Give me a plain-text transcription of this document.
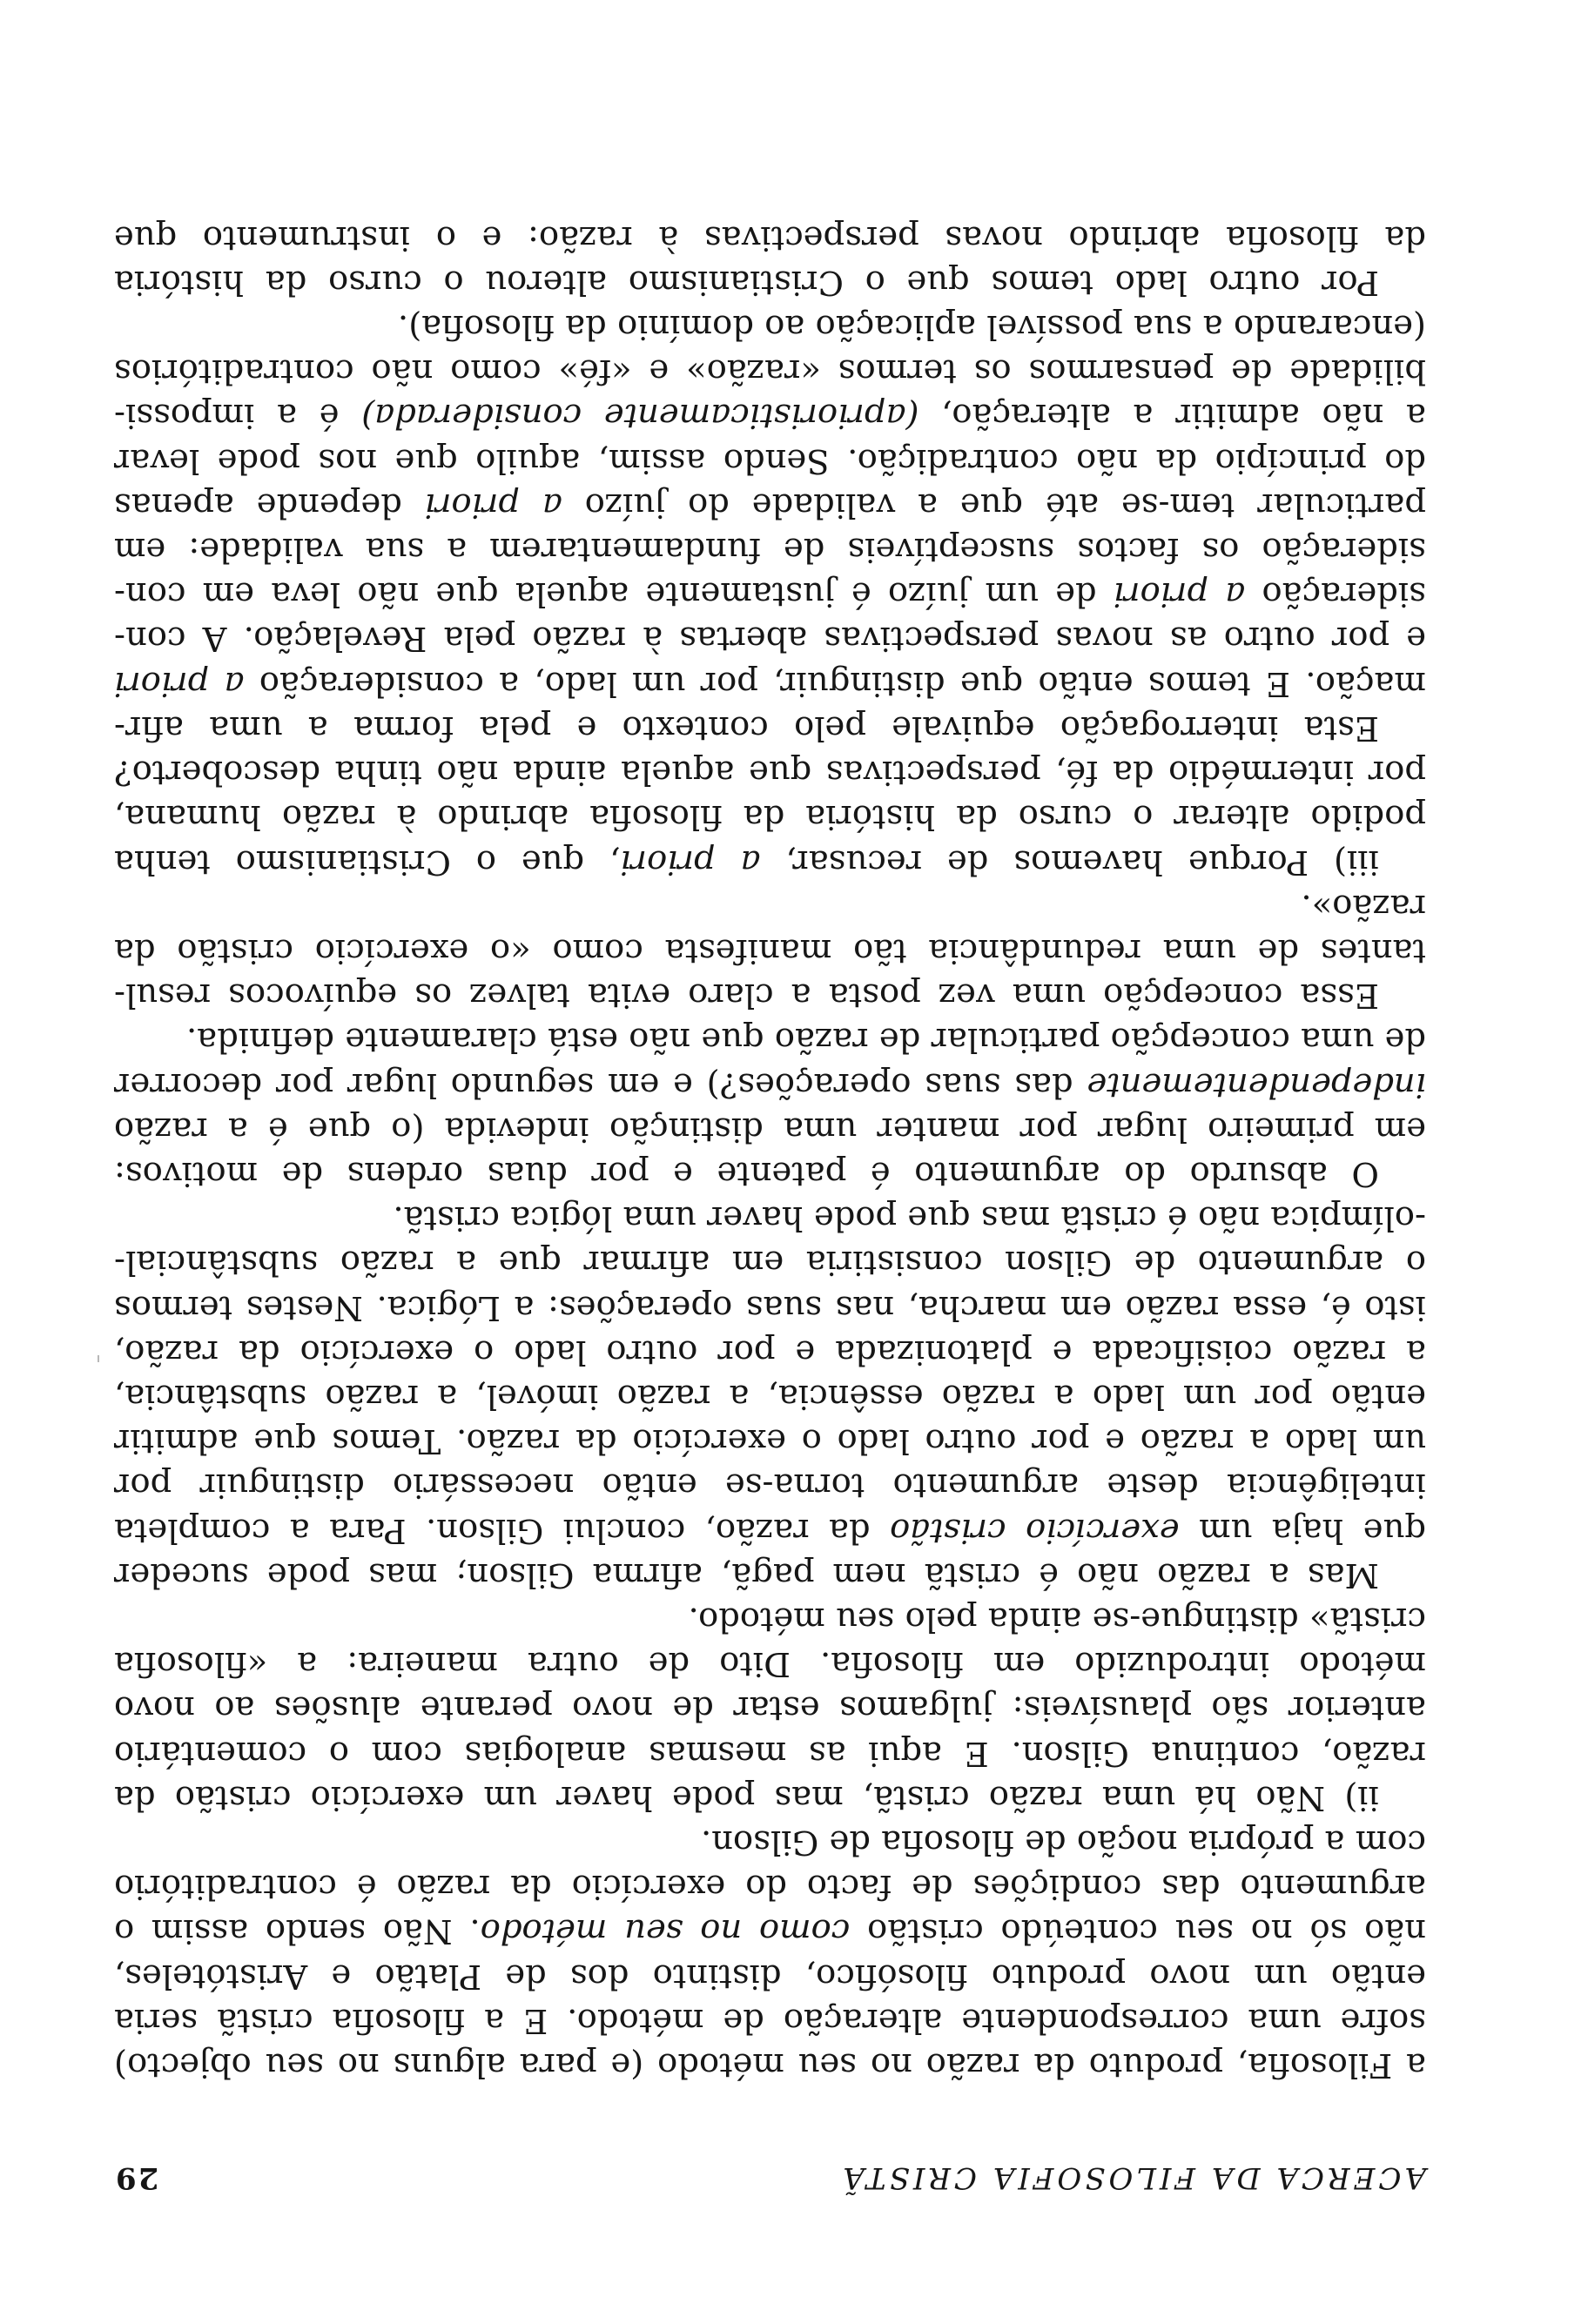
ACERCA DA FILOSOFIA CRISTÃ
29
a Filosofia, produto da razão no seu método (e para alguns no seu objecto)
sofre uma correspondente alteração de método. E a filosofia cristã seria
então um novo produto filosófico, distinto dos de Platão e Aristóteles,
não só no seu conteúdo cristão como no seu método. Não sendo assim o
argumento das condições de facto do exercício da razão é contraditório
com a própria noção de filosofia de Gilson.
ii) Não há uma razão cristã, mas pode haver um exercício cristão da
razão, continua Gilson. E aqui as mesmas analogias com o comentário
anterior são plausíveis: julgamos estar de novo perante alusões ao novo
método introduzido em filosofia. Dito de outra maneira: a «filosofia
cristã» distingue-se ainda pelo seu método.
Mas a razão não é cristã nem pagã, afirma Gilson; mas pode suceder
que haja um exercício cristão da razão, conclui Gilson. Para a completa
inteligência deste argumento torna-se então necessário distinguir por
um lado a razão e por outro lado o exercício da razão. Temos que admitir
então por um lado a razão essência, a razão imóvel, a razão substância,
a razão coisificada e platonizada e por outro lado o exercício da razão,
isto é, essa razão em marcha, nas suas operações: a Lógica. Nestes termos
o argumento de Gilson consistiria em afirmar que a razão substâncial-
-olímpica não é cristã mas que pode haver uma lógica cristã.
O absurdo do argumento é patente e por duas ordens de motivos:
em primeiro lugar por manter uma distinção indevida (o que é a razão
independentemente das suas operações?) e em segundo lugar por decorrer
de uma concepção particular de razão que não está claramente definida.
Essa concepção uma vez posta a claro evita talvez os equívocos resul-
tantes de uma redundância tão manifesta como «o exercício cristão da
razão».
iii) Porque havemos de recusar, a priori, que o Cristianismo tenha
podido alterar o curso da história da filosofia abrindo à razão humana,
por intermédio da fé, perspectivas que aquela ainda não tinha descoberto?
Esta interrogação equivale pelo contexto e pela forma a uma afir-
mação. E temos então que distinguir, por um lado, a consideração a priori
e por outro as novas perspectivas abertas à razão pela Revelação. A con-
sideração a priori de um juízo é justamente aquela que não leva em con-
sideração os factos susceptíveis de fundamentarem a sua validade: em
particular tem-se até que a validade do juízo a priori depende apenas
do princípio da não contradição. Sendo assim, aquilo que nos pode levar
a não admitir a alteração, (aprioristicamente considerada) é a impossi-
bilidade de pensarmos os termos «razão» e «fé» como não contraditórios
(encarando a sua possível aplicação ao domínio da filosofia).
Por outro lado temos que o Cristianismo alterou o curso da história
da filosofia abrindo novas perspectivas à razão: e o instrumento que
